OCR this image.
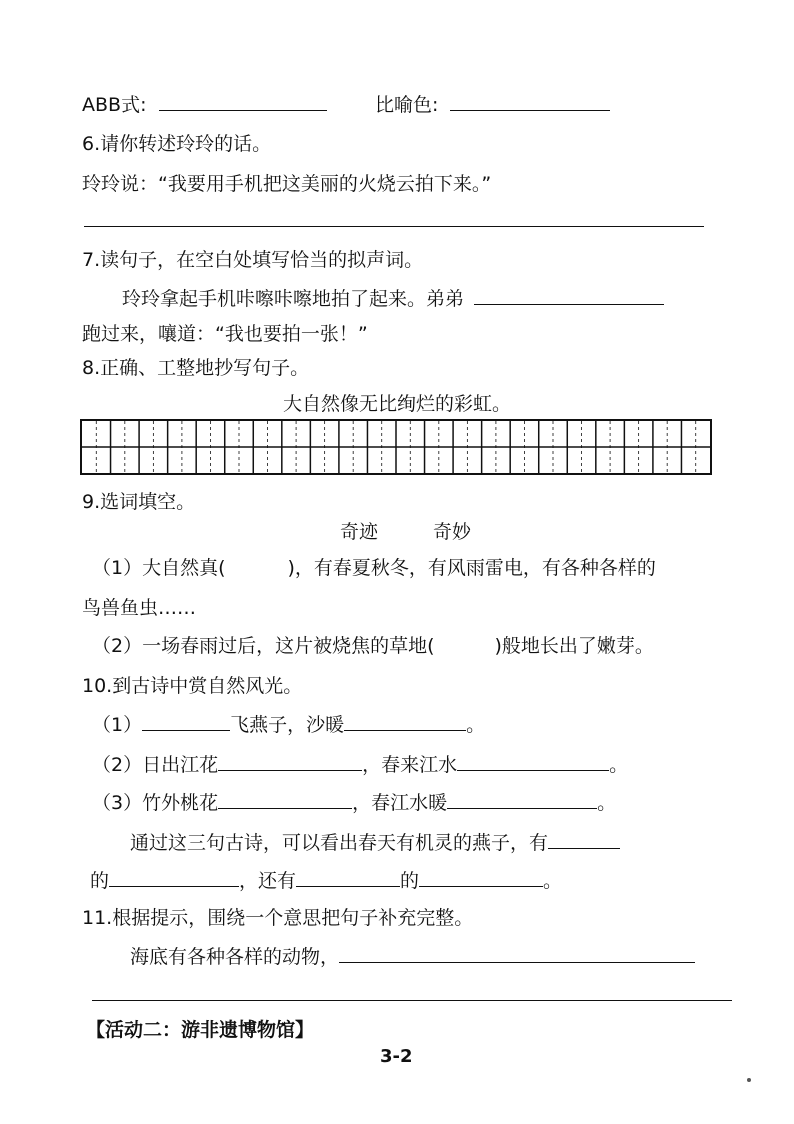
ABB式:	比喻色:
6.请你转述玲玲的话。
玲玲说：“我要用手机把这美丽的火烧云拍下来。”
7.读句子，在空白处填写恰当的拟声词。
玲玲拿起手机咔嚓咔嚓地拍了起来。弟弟
跑过来，嚷道：“我也要拍一张！”
8.正确、工整地抄写句子。
大自然像无比绚烂的彩虹。
9.选词填空。
奇迹	奇妙
（1）大自然真(	)，有春夏秋冬，有风雨雷电，有各种各样的
鸟兽鱼虫……
（2）一场春雨过后，这片被烧焦的草地(	)般地长出了嫩芽。
10.到古诗中赏自然风光。
（1）	飞燕子，沙暖	。
（2）日出江花	，春来江水	。
（3）竹外桃花	，春江水暖	。
通过这三句古诗，可以看出春天有机灵的燕子，有
的	，还有	的	。
11.根据提示，围绕一个意思把句子补充完整。
海底有各种各样的动物，
【活动二：游非遗博物馆】
3-2
